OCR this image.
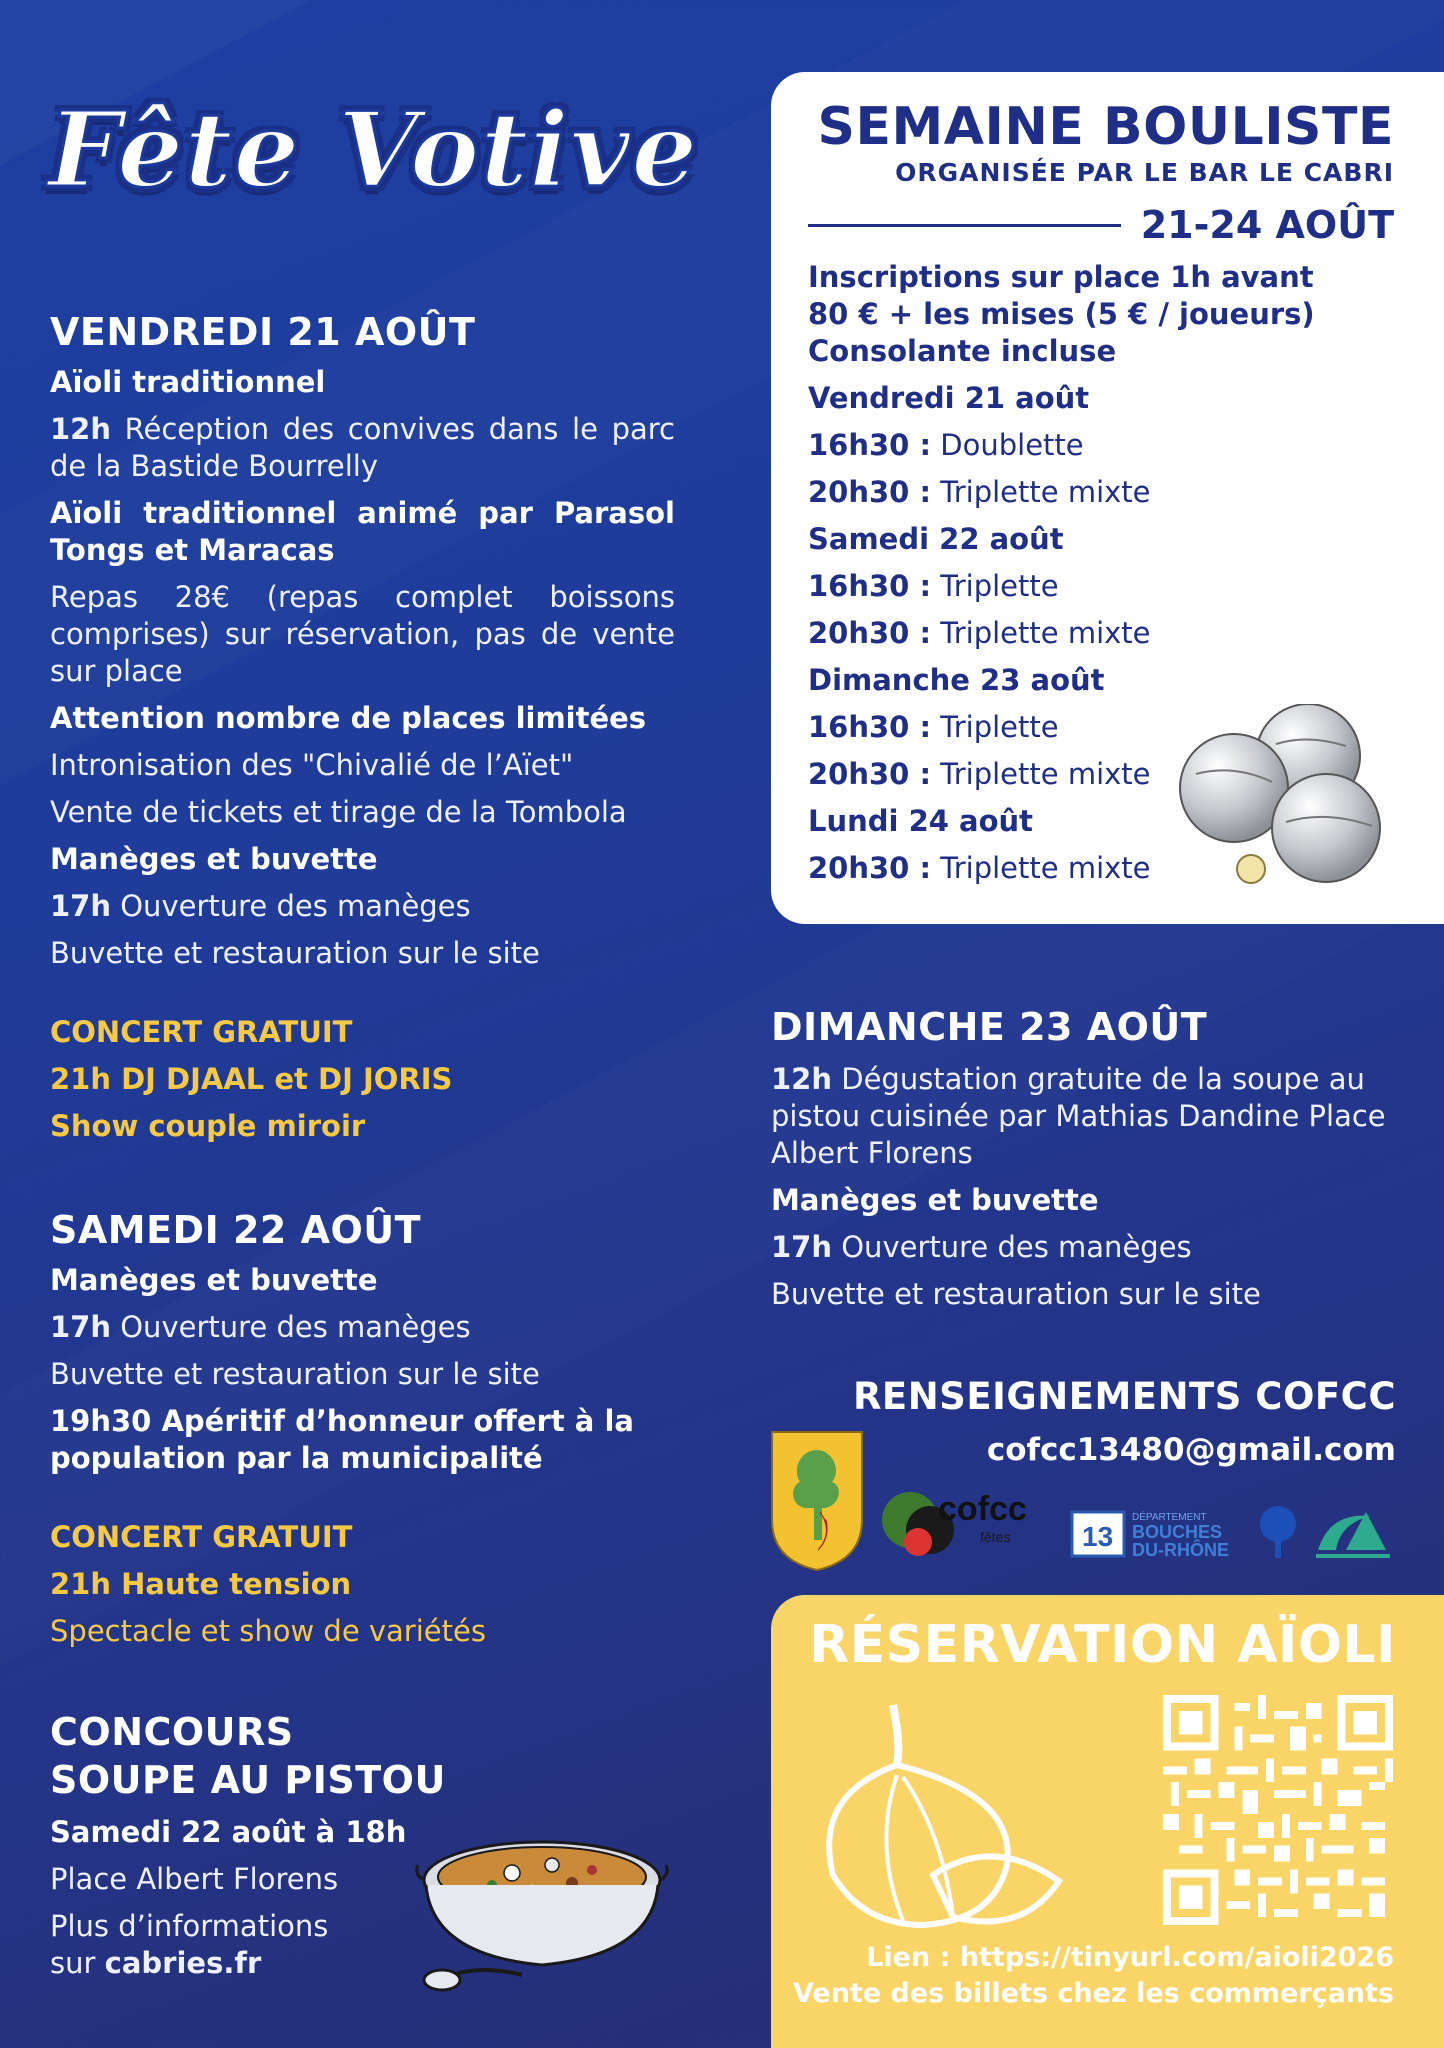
Fête Votive
VENDREDI 21 AOÛT
Aïoli traditionnel
12h Réception des convives dans le parc de la Bastide Bourrelly
Aïoli traditionnel animé par Parasol Tongs et Maracas
Repas 28€ (repas complet boissons comprises) sur réservation, pas de vente sur place
Attention nombre de places limitées
Intronisation des "Chivalié de l’Aïet"
Vente de tickets et tirage de la Tombola
Manèges et buvette
17h Ouverture des manèges
Buvette et restauration sur le site
CONCERT GRATUIT
21h DJ DJAAL et DJ JORIS
Show couple miroir
SAMEDI 22 AOÛT
Manèges et buvette
17h Ouverture des manèges
Buvette et restauration sur le site
19h30 Apéritif d’honneur offert à la population par la municipalité
CONCERT GRATUIT
21h Haute tension
Spectacle et show de variétés
CONCOURS
SOUPE AU PISTOU
Samedi 22 août à 18h
Place Albert Florens
Plus d’informations
sur cabries.fr
SEMAINE BOULISTE
ORGANISÉE PAR LE BAR LE CABRI
21-24 AOÛT
Inscriptions sur place 1h avant
80 € + les mises (5 € / joueurs)
Consolante incluse
Vendredi 21 août
16h30 : Doublette
20h30 : Triplette mixte
Samedi 22 août
16h30 : Triplette
20h30 : Triplette mixte
Dimanche 23 août
16h30 : Triplette
20h30 : Triplette mixte
Lundi 24 août
20h30 : Triplette mixte
DIMANCHE 23 AOÛT
12h Dégustation gratuite de la soupe au pistou cuisinée par Mathias Dandine Place Albert Florens
Manèges et buvette
17h Ouverture des manèges
Buvette et restauration sur le site
RENSEIGNEMENTS COFCC
cofcc13480@gmail.com
cofcc
fêtes	13
DÉPARTEMENT
BOUCHES
DU-RHÔNE
RÉSERVATION AÏOLI
Lien : https://tinyurl.com/aioli2026
Vente des billets chez les commerçants
